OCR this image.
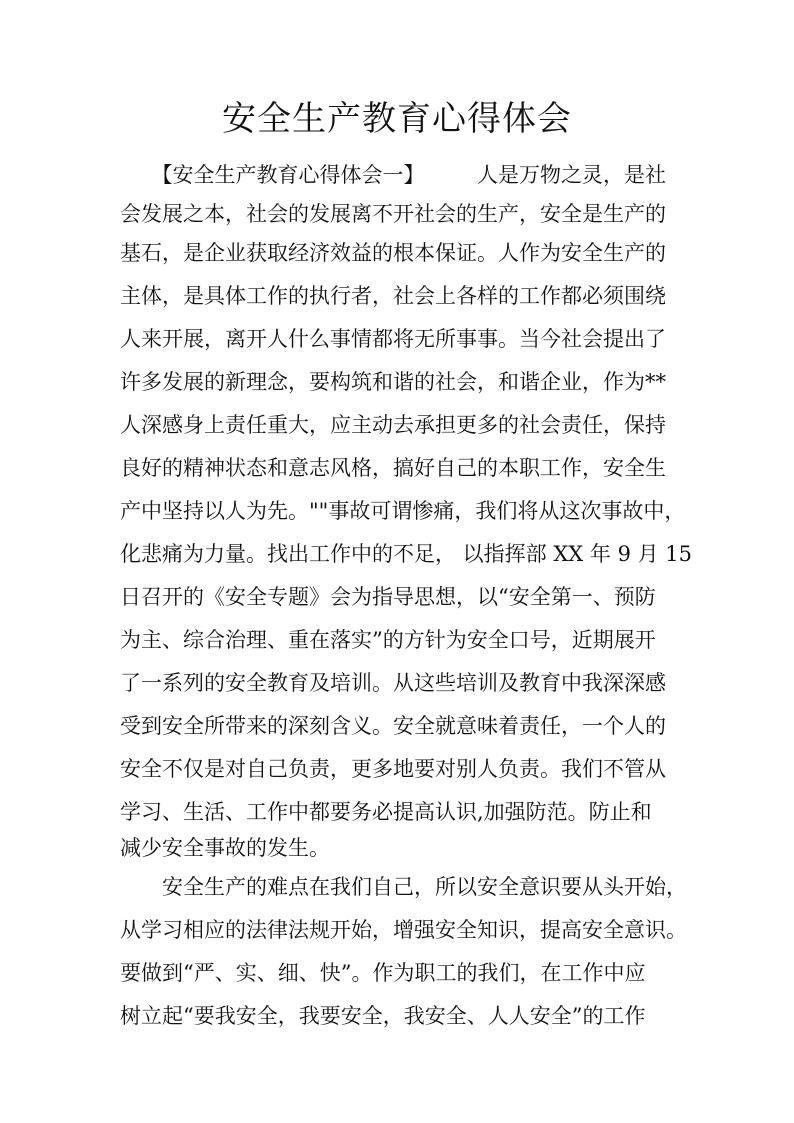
安全生产教育心得体会
　　【安全生产教育心得体会一】　　　人是万物之灵，是社
会发展之本，社会的发展离不开社会的生产，安全是生产的
基石，是企业获取经济效益的根本保证。人作为安全生产的
主体，是具体工作的执行者，社会上各样的工作都必须围绕
人来开展，离开人什么事情都将无所事事。当今社会提出了
许多发展的新理念，要构筑和谐的社会，和谐企业，作为**
人深感身上责任重大，应主动去承担更多的社会责任，保持
良好的精神状态和意志风格，搞好自己的本职工作，安全生
产中坚持以人为先。""事故可谓惨痛，我们将从这次事故中，
化悲痛为力量。找出工作中的不足， 以指挥部 XX 年 9 月 15
日召开的《安全专题》会为指导思想，以“安全第一、预防
为主、综合治理、重在落实”的方针为安全口号，近期展开
了一系列的安全教育及培训。从这些培训及教育中我深深感
受到安全所带来的深刻含义。安全就意味着责任，一个人的
安全不仅是对自己负责，更多地要对别人负责。我们不管从
学习、生活、工作中都要务必提高认识,加强防范。防止和
减少安全事故的发生。
　　安全生产的难点在我们自己，所以安全意识要从头开始，
从学习相应的法律法规开始，增强安全知识，提高安全意识。
要做到“严、实、细、快”。作为职工的我们，在工作中应
树立起“要我安全，我要安全，我安全、人人安全”的工作
